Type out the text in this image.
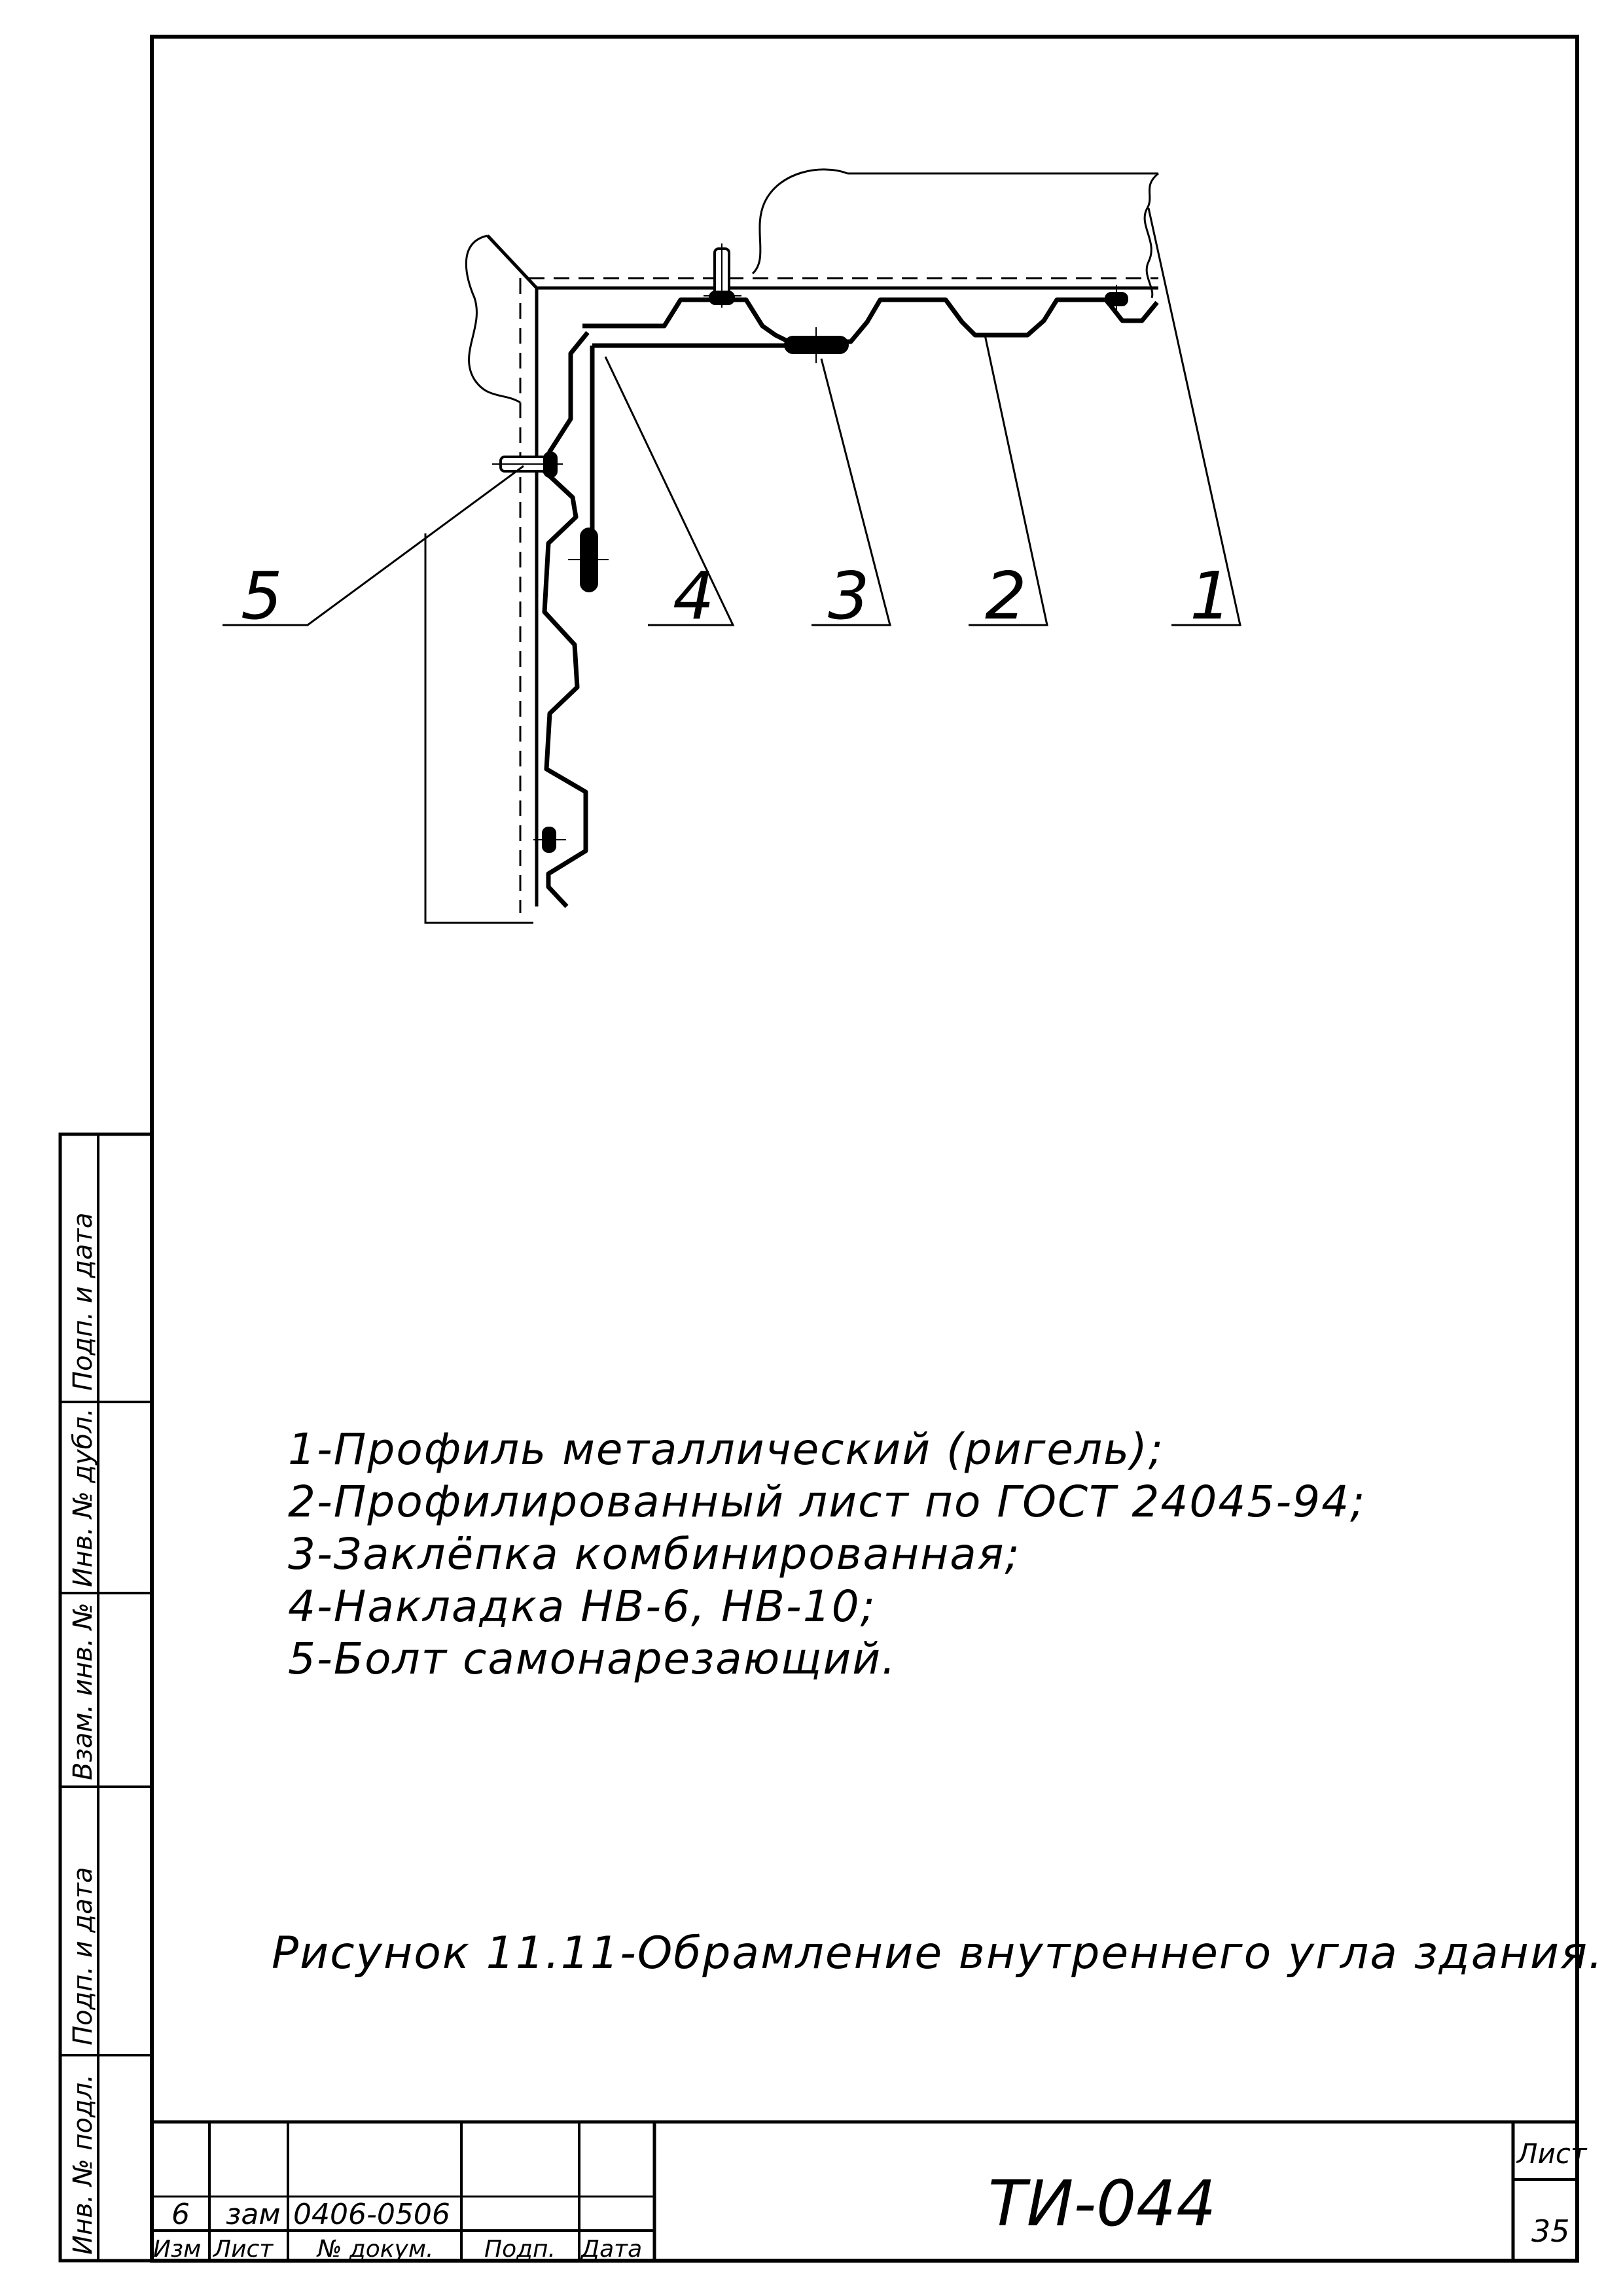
6 зам 0406-0506
Изм Лист № докум. Подп. Дата
ТИ-044
Лист
35
Подп. и дата
Инв. № дубл.
Взам. инв. №
Подп. и дата
Инв. № подл.
1
2
3
4
5
1-Профиль металлический (ригель);
2-Профилированный лист по ГОСТ 24045-94;
3-Заклёпка комбинированная;
4-Накладка НВ-6, НВ-10;
5-Болт самонарезающий.
Рисунок 11.11-Обрамление внутреннего угла здания.
